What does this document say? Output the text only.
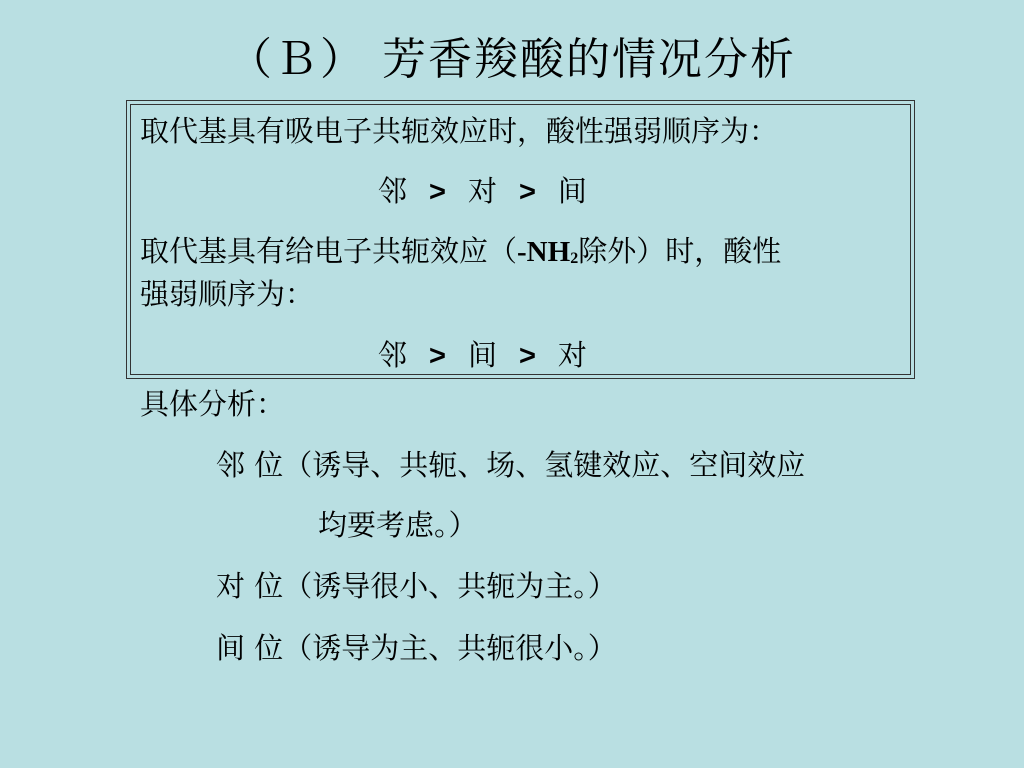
（Ｂ） 芳香羧酸的情况分析
取代基具有吸电子共轭效应时，酸性强弱顺序为：
邻 > 对 > 间
取代基具有给电子共轭效应（$-NH_2$除外）时，酸性
强弱顺序为：
邻 > 间 > 对
具体分析：
邻 位（诱导、共轭、场、氢键效应、空间效应
均要考虑。）
对 位（诱导很小、共轭为主。）
间 位（诱导为主、共轭很小。）
